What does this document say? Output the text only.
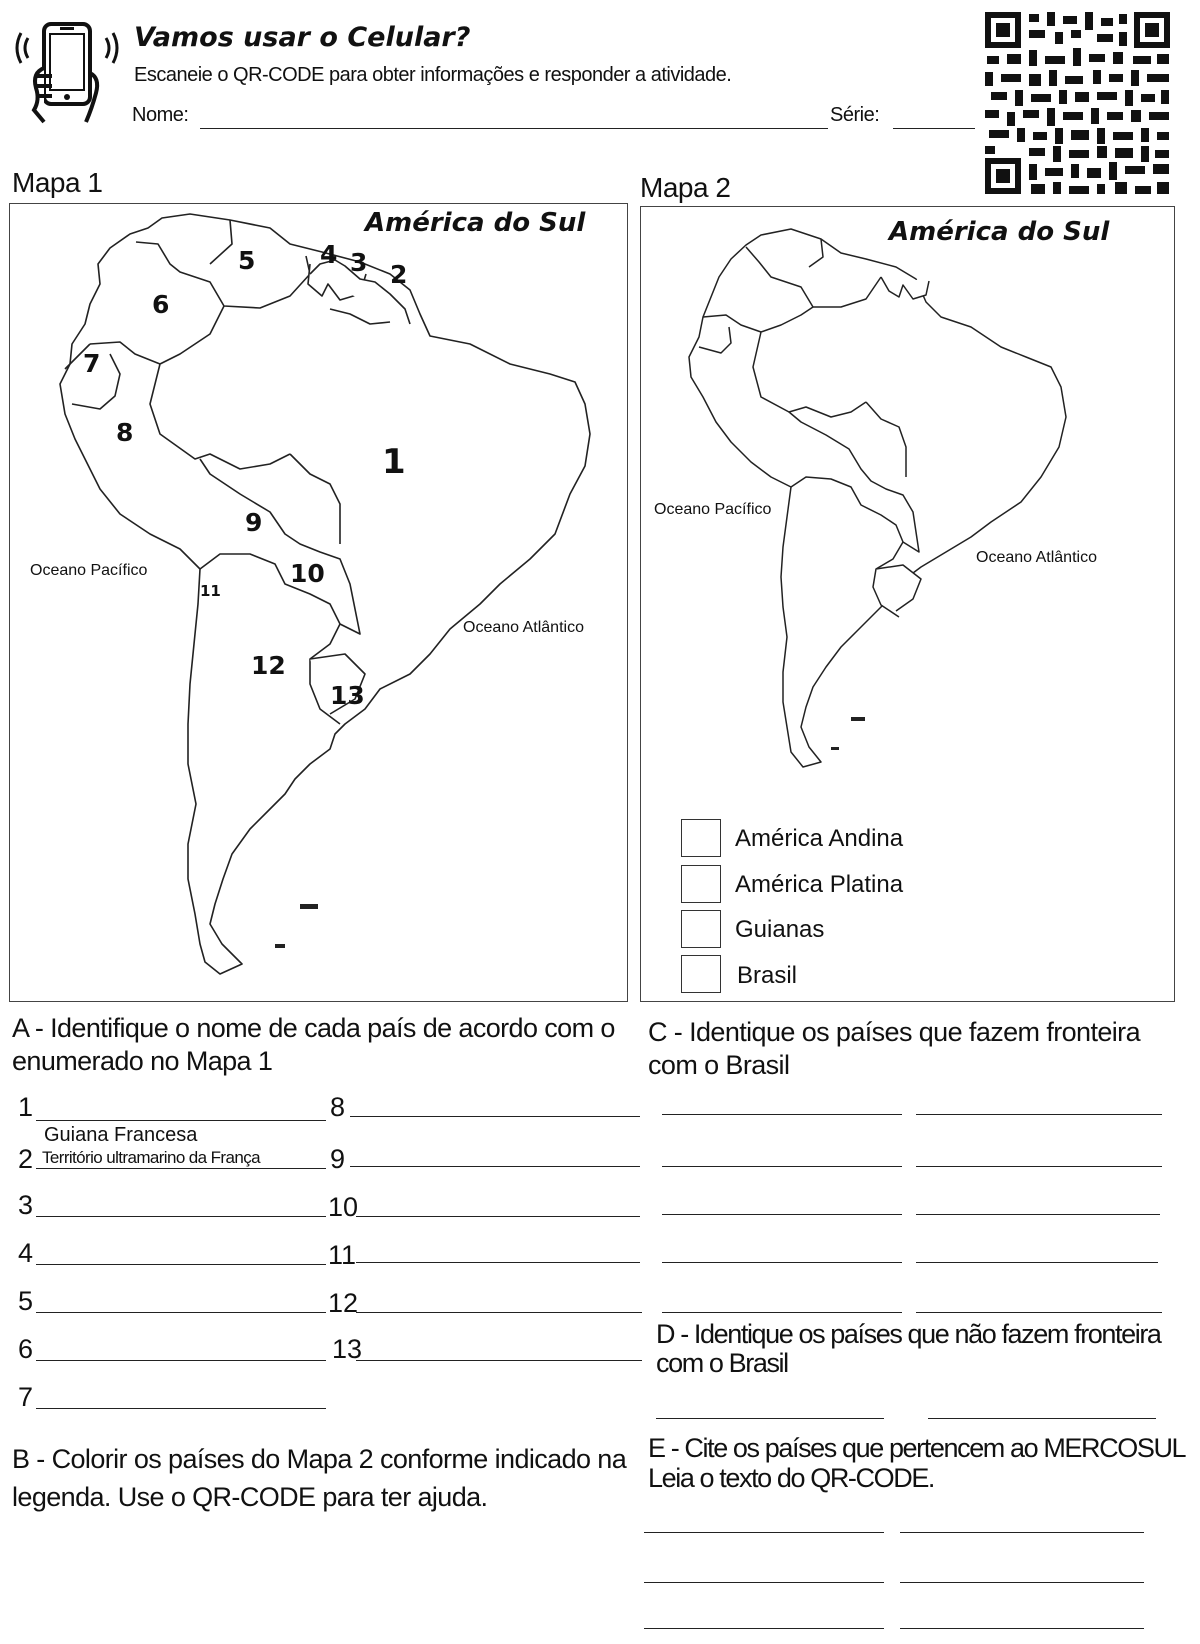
Vamos usar o Celular?
Escaneie o QR-CODE para obter informações e responder a atividade.
Nome:	Série:
Mapa 1
América do Sul
Oceano Pacífico
Oceano Atlântico
1
2
3
4
5
6
7
8
9
10
11
12
13
Mapa 2
América do Sul
Oceano Pacífico
Oceano Atlântico
América Andina
América Platina
Guianas
Brasil
A - Identifique o nome de cada país de acordo com o enumerado no Mapa 1
1
Guiana Francesa
2 Território ultramarino da França
3
4
5
6
7
8
9
10
11
12
13
B - Colorir os países do Mapa 2 conforme indicado na legenda. Use o QR-CODE para ter ajuda.
C - Identique os países que fazem fronteira com o Brasil
D - Identique os países que não fazem fronteira com o Brasil
E - Cite os países que pertencem ao MERCOSUL
Leia o texto do QR-CODE.
